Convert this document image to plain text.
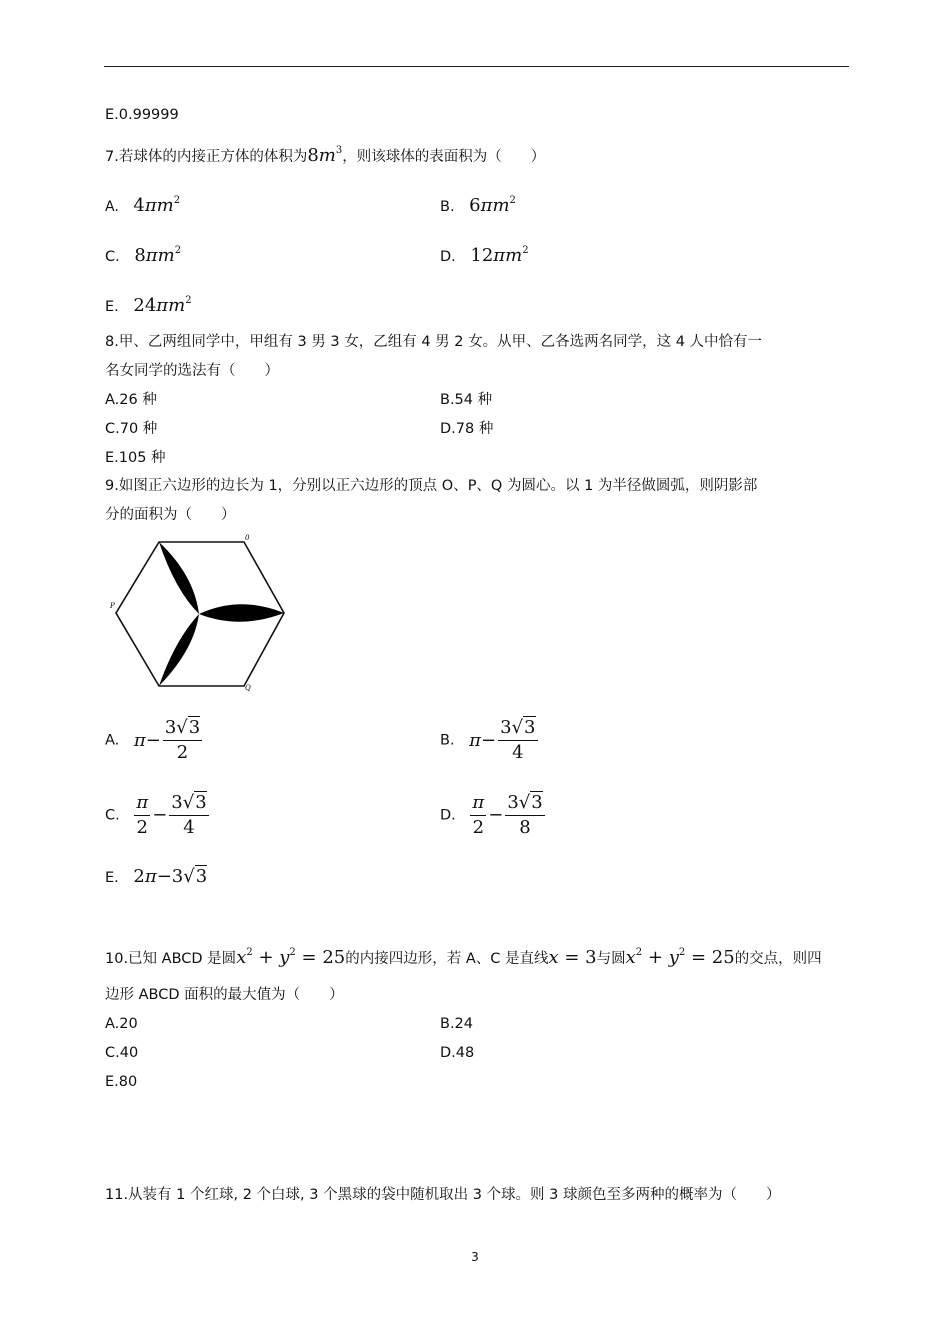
E.0.99999
7.若球体的内接正方体的体积为$8m^3$，则该球体的表面积为（　　）
A. $4\pi m^2$	B. $6\pi m^2$
C. $8\pi m^2$	D. $12\pi m^2$
E. $24\pi m^2$
8.甲、乙两组同学中，甲组有 3 男 3 女，乙组有 4 男 2 女。从甲、乙各选两名同学，这 4 人中恰有一
名女同学的选法有（　　）
A.26 种	B.54 种
C.70 种	D.78 种
E.105 种
9.如图正六边形的边长为 1，分别以正六边形的顶点 O、P、Q 为圆心。以 1 为半径做圆弧，则阴影部
分的面积为（　　）
0
P
Q
A. $\pi- \frac{3√3}{2}$	B. $\pi- \frac{3√3}{4}$
C. $\frac{\pi}{2} - \frac{3√3}{4}$	D. $\frac{\pi}{2} - \frac{3√3}{8}$
E. 2π−3√3
10.已知 ABCD 是圆$x^2 + y^2 = 25$的内接四边形，若 A、C 是直线x = 3与圆$x^2 + y^2 = 25$的交点，则四
边形 ABCD 面积的最大值为（　　）
A.20	B.24
C.40	D.48
E.80
11.从装有 1 个红球, 2 个白球, 3 个黑球的袋中随机取出 3 个球。则 3 球颜色至多两种的概率为（　　）
3
